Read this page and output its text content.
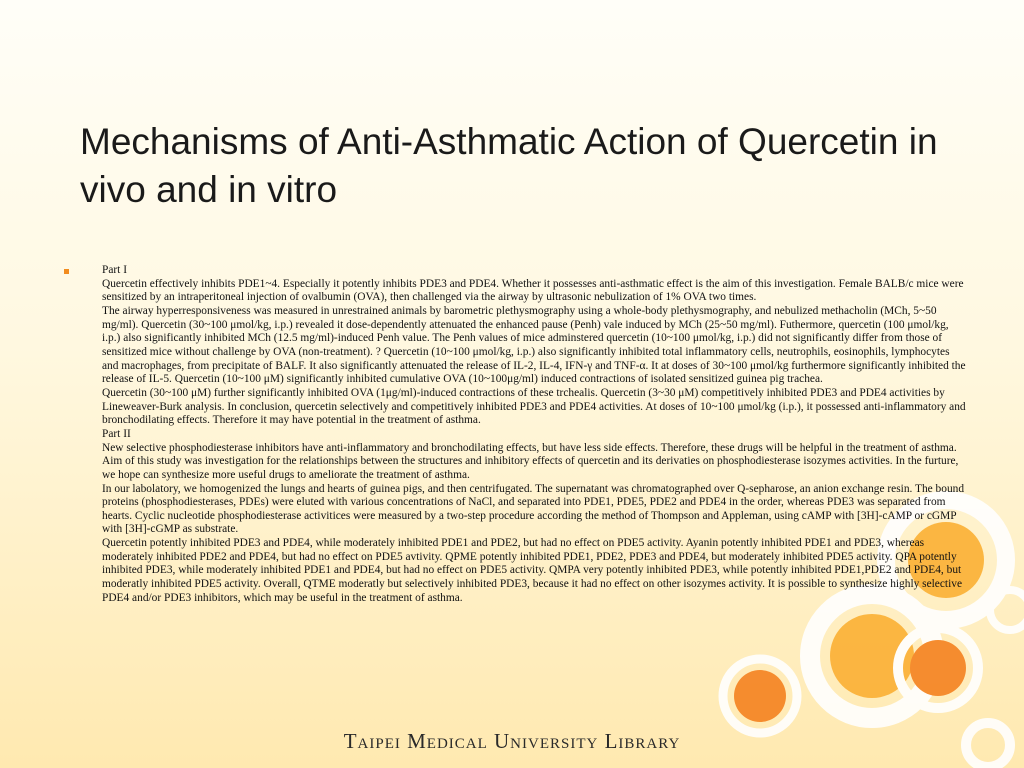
Mechanisms of Anti-Asthmatic Action of Quercetin in vivo and in vitro

Part I

Quercetin effectively inhibits PDE1~4. Especially it potently inhibits PDE3 and PDE4. Whether it possesses anti-asthmatic effect is the aim of this investigation. Female BALB/c mice were sensitized by an intraperitoneal injection of ovalbumin (OVA), then challenged via the airway by ultrasonic nebulization of 1% OVA two times.

The airway hyperresponsiveness was measured in unrestrained animals by barometric plethysmography using a whole-body plethysmography, and nebulized methacholin (MCh, 5~50 mg/ml). Quercetin (30~100 μmol/kg, i.p.) revealed it dose-dependently attenuated the enhanced pause (Penh) vale induced by MCh (25~50 mg/ml). Futhermore, quercetin (100 μmol/kg, i.p.) also significantly inhibited MCh (12.5 mg/ml)-induced Penh value. The Penh values of mice adminstered quercetin (10~100 μmol/kg, i.p.) did not significantly differ from those of sensitized mice without challenge by OVA (non-treatment). ? Quercetin (10~100 μmol/kg, i.p.) also significantly inhibited total inflammatory cells, neutrophils, eosinophils, lymphocytes and macrophages, from precipitate of BALF. It also significantly attenuated the release of IL-2, IL-4, IFN-γ and TNF-α. It at doses of 30~100 μmol/kg furthermore significantly inhibited the release of IL-5. Quercetin (10~100 μM) significantly inhibited cumulative OVA (10~100μg/ml) induced contractions of isolated sensitized guinea pig trachea.

Quercetin (30~100 μM) further significantly inhibited OVA (1μg/ml)-induced contractions of these trchealis. Quercetin (3~30 μM) competitively inhibited PDE3 and PDE4 activities by Lineweaver-Burk analysis. In conclusion, quercetin selectively and competitively inhibited PDE3 and PDE4 activities. At doses of 10~100 μmol/kg (i.p.), it possessed anti-inflammatory and bronchodilating effects. Therefore it may have potential in the treatment of asthma.

Part II

New selective phosphodiesterase inhibitors have anti-inflammatory and bronchodilating effects, but have less side effects. Therefore, these drugs will be helpful in the treatment of asthma. Aim of this study was investigation for the relationships between the structures and inhibitory effects of quercetin and its derivaties on phosphodiesterase isozymes activities. In the furture, we hope can synthesize more useful drugs to ameliorate the treatment of asthma.

In our labolatory, we homogenized the lungs and hearts of guinea pigs, and then centrifugated. The supernatant was chromatographed over Q-sepharose, an anion exchange resin. The bound proteins (phosphodiesterases, PDEs) were eluted with various concentrations of NaCl, and separated into PDE1, PDE5, PDE2 and PDE4 in the order, whereas PDE3 was separated from hearts. Cyclic nucleotide phosphodiesterase activitices were measured by a two-step procedure according the method of Thompson and Appleman, using cAMP with [3H]-cAMP or cGMP with [3H]-cGMP as substrate.

Quercetin potently inhibited PDE3 and PDE4, while moderately inhibited PDE1 and PDE2, but had no effect on PDE5 activity. Ayanin potently inhibited PDE1 and PDE3, whereas moderately inhibited PDE2 and PDE4, but had no effect on PDE5 avtivity. QPME potently inhibited PDE1, PDE2, PDE3 and PDE4, but moderately inhibited PDE5 activity. QPA potently inhibited PDE3, while moderately inhibited PDE1 and PDE4, but had no effect on PDE5 activity. QMPA very potently inhibited PDE3, while potently inhibited PDE1,PDE2 and PDE4, but moderatly inhibited PDE5 activity. Overall, QTME moderatly but selectively inhibited PDE3, because it had no effect on other isozymes activity. It is possible to synthesize highly selective PDE4 and/or PDE3 inhibitors, which may be useful in the treatment of asthma.

Taipei Medical University Library
